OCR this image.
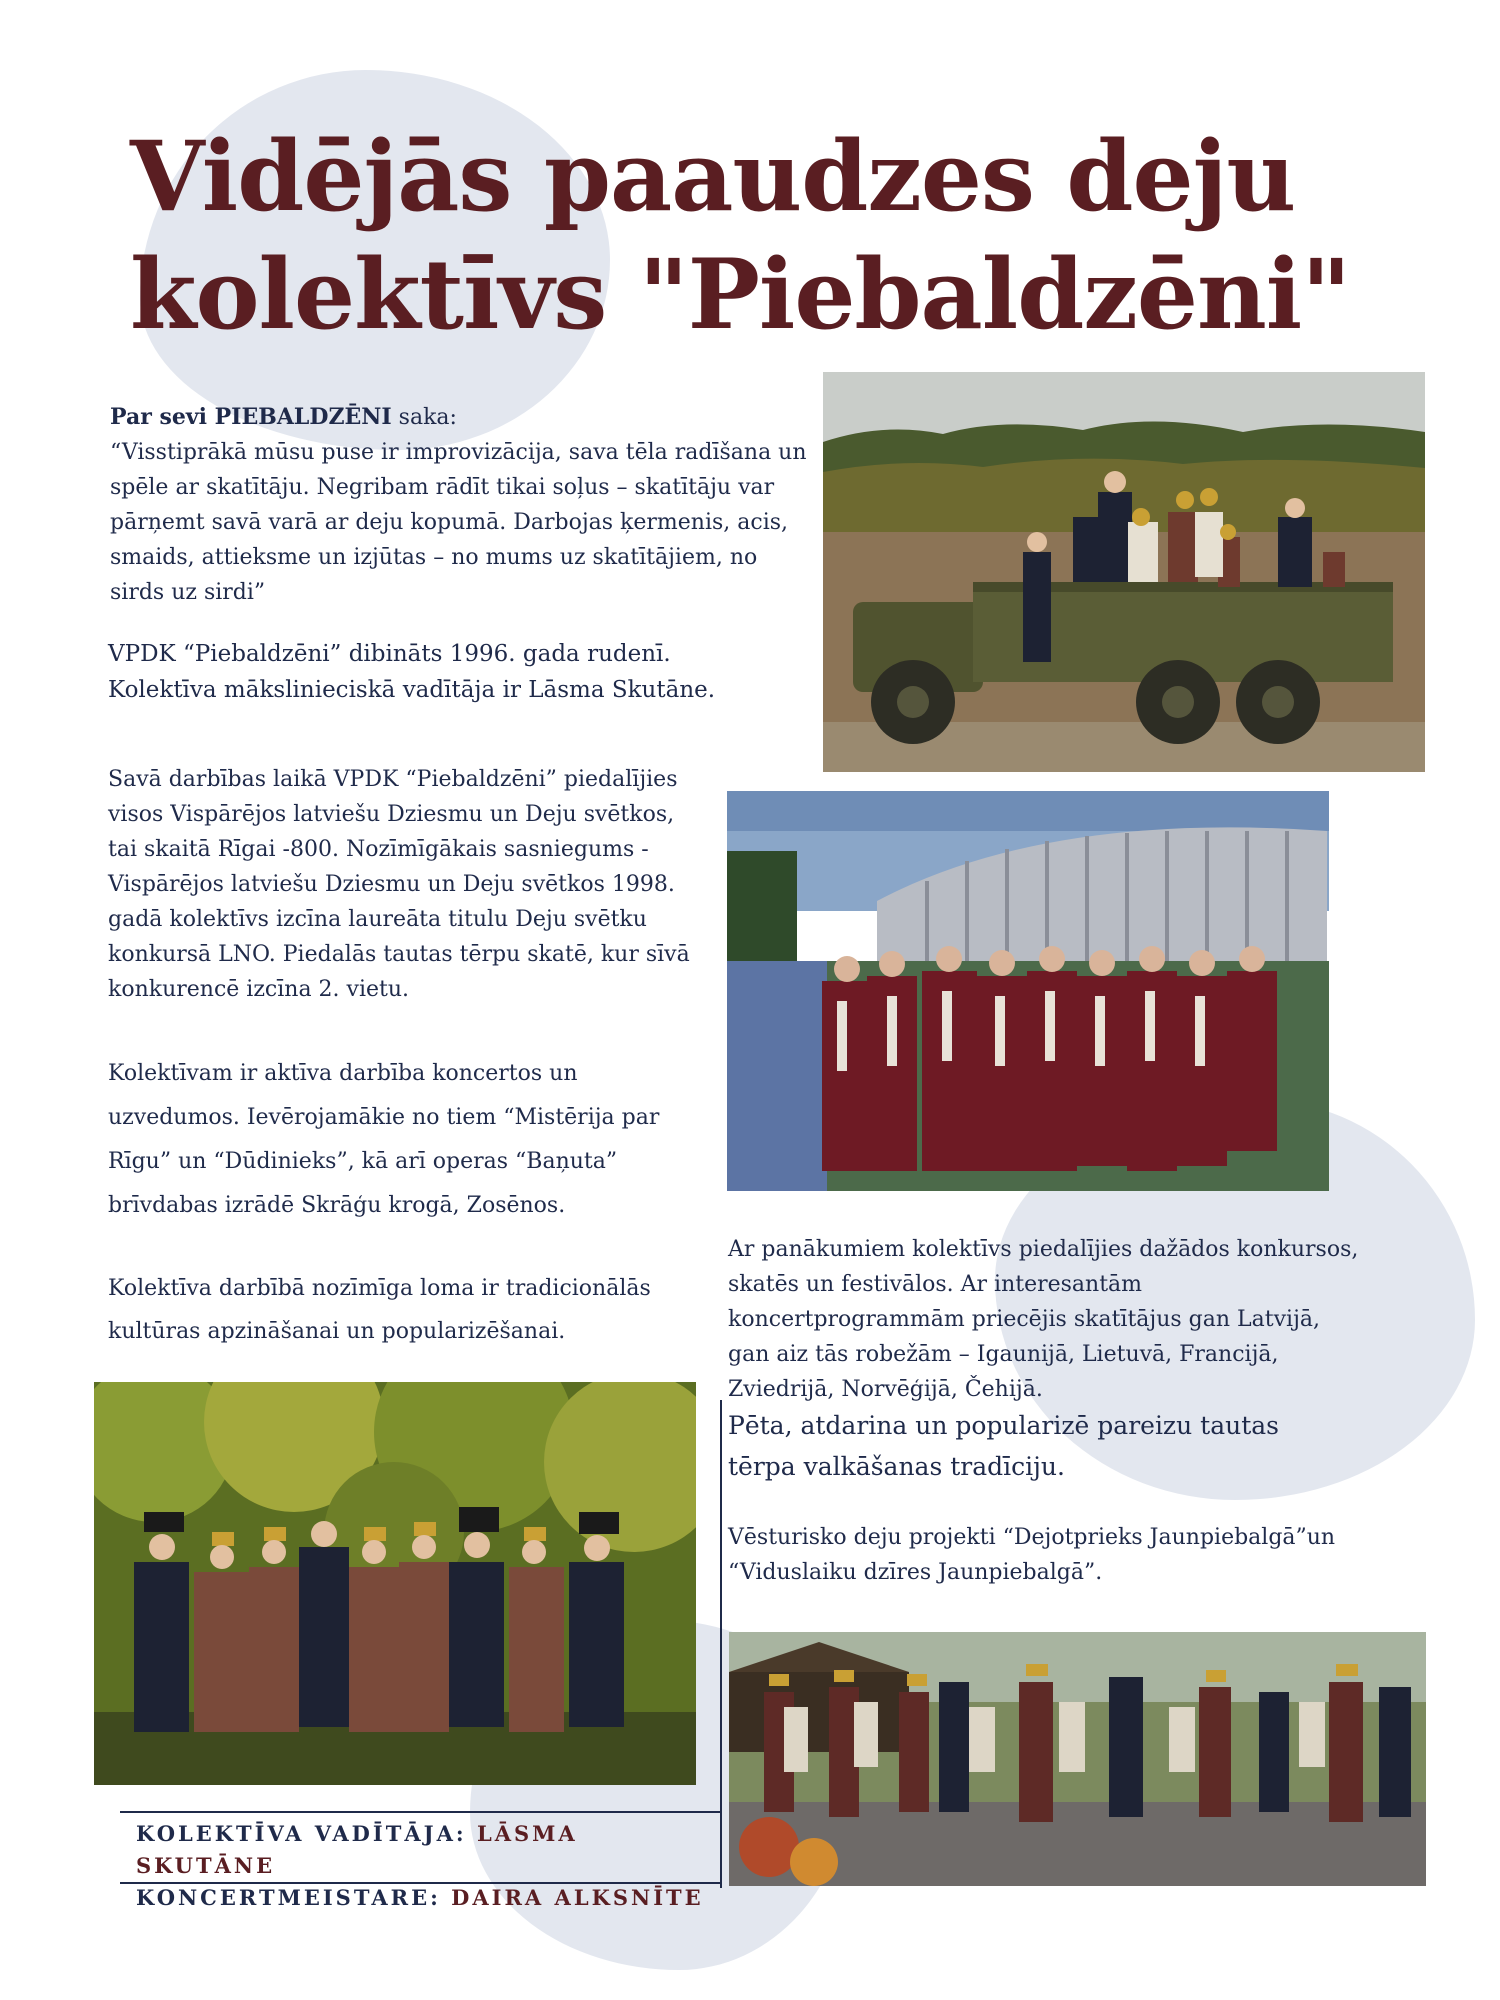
Vidējās paaudzes deju
kolektīvs "Piebaldzēni"
Par sevi PIEBALDZĒNI saka:
“Visstiprākā mūsu puse ir improvizācija, sava tēla radīšana un spēle ar skatītāju. Negribam rādīt tikai soļus – skatītāju var pārņemt savā varā ar deju kopumā. Darbojas ķermenis, acis, smaids, attieksme un izjūtas – no mums uz skatītājiem, no sirds uz sirdi”
VPDK “Piebaldzēni” dibināts 1996. gada rudenī. Kolektīva mākslinieciskā vadītāja ir Lāsma Skutāne.
Savā darbības laikā VPDK “Piebaldzēni” piedalījies visos Vispārējos latviešu Dziesmu un Deju svētkos, tai skaitā Rīgai -800. Nozīmīgākais sasniegums - Vispārējos latviešu Dziesmu un Deju svētkos 1998. gadā kolektīvs izcīna laureāta titulu Deju svētku konkursā LNO. Piedalās tautas tērpu skatē, kur sīvā konkurencē izcīna 2. vietu.
Kolektīvam ir aktīva darbība koncertos un uzvedumos. Ievērojamākie no tiem “Mistērija par Rīgu” un “Dūdinieks”, kā arī operas “Baņuta” brīvdabas izrādē Skrāģu krogā, Zosēnos.
Kolektīva darbībā nozīmīga loma ir tradicionālās kultūras apzināšanai un popularizēšanai.
Ar panākumiem kolektīvs piedalījies dažādos konkursos, skatēs un festivālos. Ar interesantām koncertprogrammām priecējis skatītājus gan Latvijā, gan aiz tās robežām – Igaunijā, Lietuvā, Francijā, Zviedrijā, Norvēģijā, Čehijā.
Pēta, atdarina un popularizē pareizu tautas tērpa valkāšanas tradīciju.
Vēsturisko deju projekti “Dejotprieks Jaunpiebalgā”un “Viduslaiku dzīres Jaunpiebalgā”.
KOLEKTĪVA VADĪTĀJA: LĀSMA SKUTĀNE
KONCERTMEISTARE: DAIRA ALKSNĪTE
